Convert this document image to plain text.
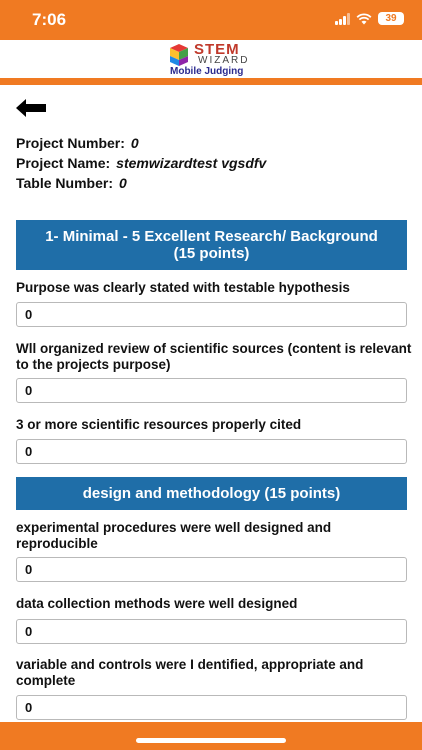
7:06	39
STEM
WIZARD
Mobile Judging
Project Number: 0
Project Name: stemwizardtest vgsdfv
Table Number: 0
1- Minimal - 5 Excellent Research/ Background (15 points)
Purpose was clearly stated with testable hypothesis
0
Wll organized review of scientific sources (content is relevant to the projects purpose)
0
3 or more scientific resources properly cited
0
design and methodology (15 points)
experimental procedures were well designed and reproducible
0
data collection methods were well designed
0
variable and controls were I dentified, appropriate and complete
0
